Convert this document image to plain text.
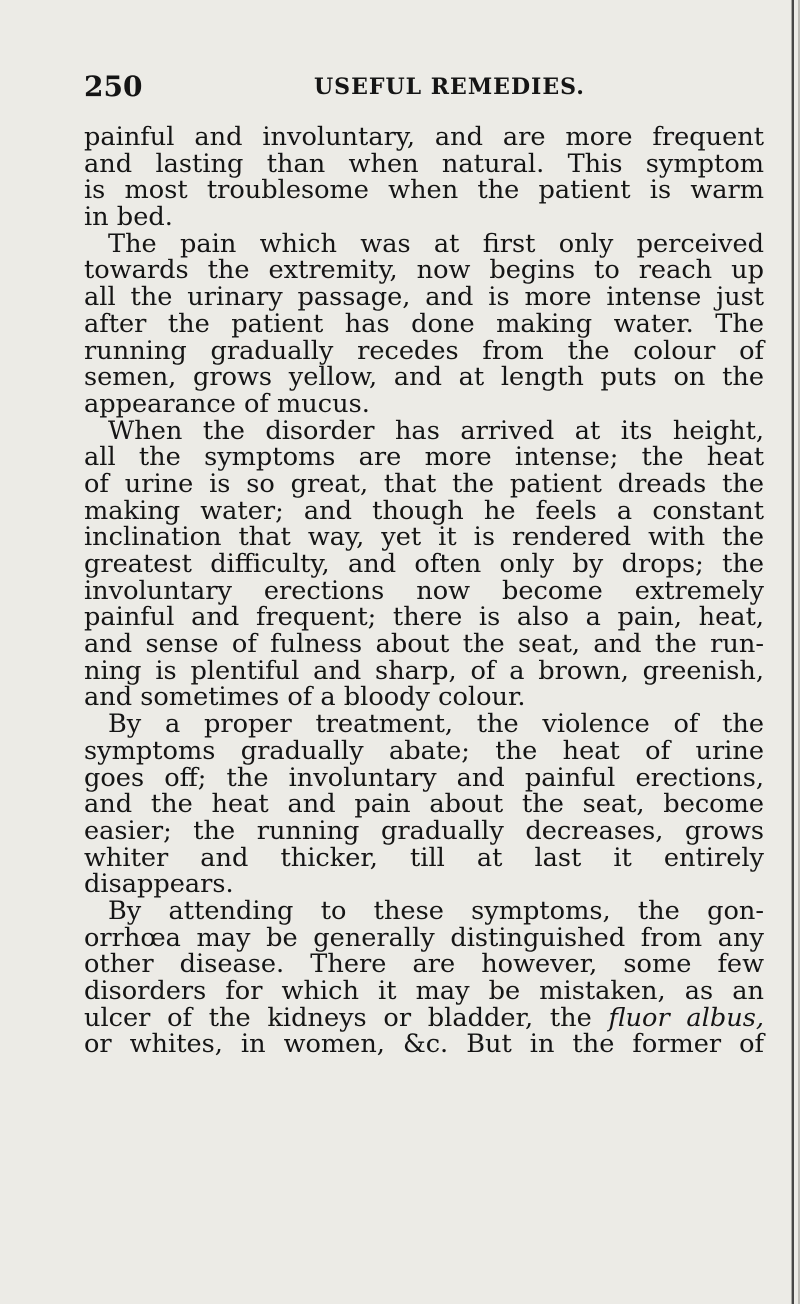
250	USEFUL REMEDIES.
painful and involuntary, and are more frequent
and lasting than when natural. This symptom
is most troublesome when the patient is warm
in bed.
The pain which was at first only perceived
towards the extremity, now begins to reach up
all the urinary passage, and is more intense just
after the patient has done making water. The
running gradually recedes from the colour of
semen, grows yellow, and at length puts on the
appearance of mucus.
When the disorder has arrived at its height,
all the symptoms are more intense; the heat
of urine is so great, that the patient dreads the
making water; and though he feels a constant
inclination that way, yet it is rendered with the
greatest difficulty, and often only by drops; the
involuntary erections now become extremely
painful and frequent; there is also a pain, heat,
and sense of fulness about the seat, and the run-
ning is plentiful and sharp, of a brown, greenish,
and sometimes of a bloody colour.
By a proper treatment, the violence of the
symptoms gradually abate; the heat of urine
goes off; the involuntary and painful erections,
and the heat and pain about the seat, become
easier; the running gradually decreases, grows
whiter and thicker, till at last it entirely
disappears.
By attending to these symptoms, the gon-
orrhœa may be generally distinguished from any
other disease. There are however, some few
disorders for which it may be mistaken, as an
ulcer of the kidneys or bladder, the fluor albus,
or whites, in women, &c. But in the former of
